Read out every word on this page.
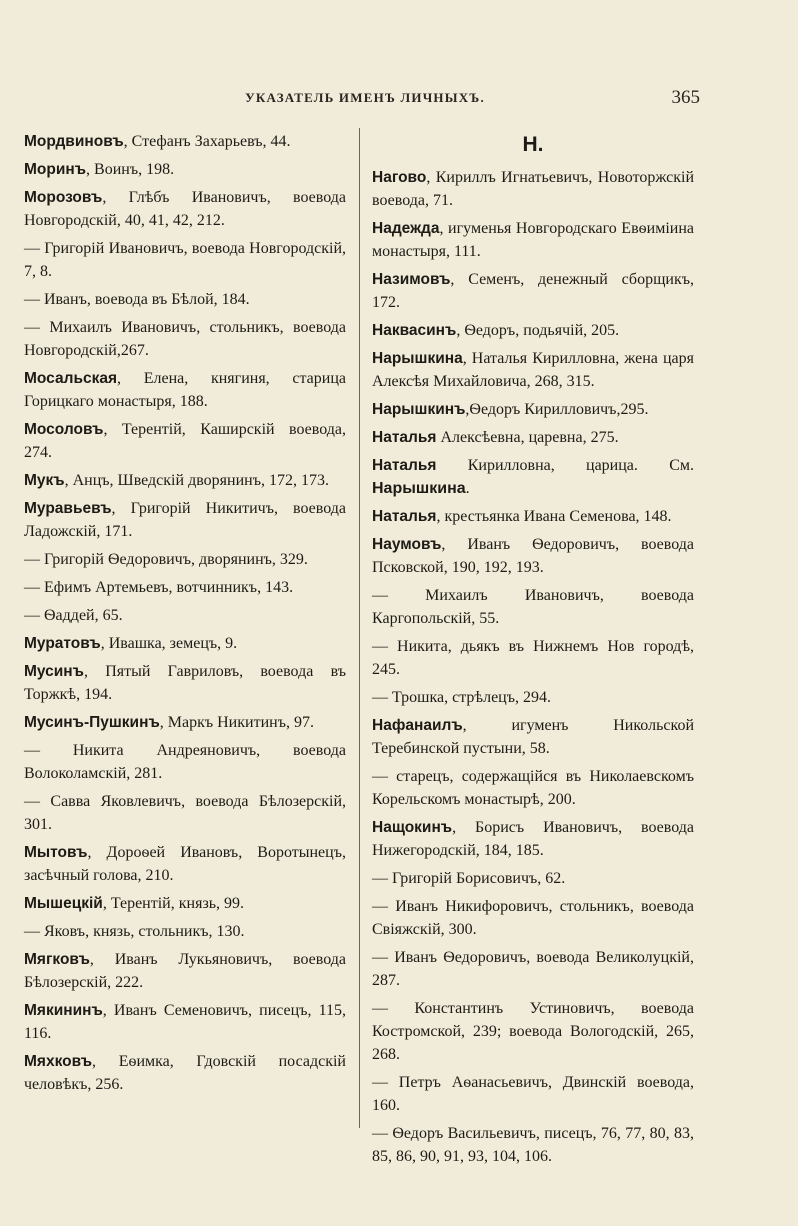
УКАЗАТЕЛЬ ИМЕНЪ ЛИЧНЫХЪ.	365
Мордвиновъ, Стефанъ Захарьевъ, 44.
Моринъ, Воинъ, 198.
Морозовъ, Глѣбъ Ивановичъ, воевода Новгородскій, 40, 41, 42, 212.
— Григорій Ивановичъ, воевода Новгородскій, 7, 8.
— Иванъ, воевода въ Бѣлой, 184.
— Михаилъ Ивановичъ, стольникъ, воевода Новгородскій,267.
Мосальская, Елена, княгиня, старица Горицкаго монастыря, 188.
Мосоловъ, Терентій, Каширскій воевода, 274.
Мукъ, Анцъ, Шведскій дворянинъ, 172, 173.
Муравьевъ, Григорій Никитичъ, воевода Ладожскій, 171.
— Григорій Ѳедоровичъ, дворянинъ, 329.
— Ефимъ Артемьевъ, вотчинникъ, 143.
— Ѳаддей, 65.
Муратовъ, Ивашка, земецъ, 9.
Мусинъ, Пятый Гавриловъ, воевода въ Торжкѣ, 194.
Мусинъ-Пушкинъ, Маркъ Никитинъ, 97.
— Никита Андреяновичъ, воевода Волоколамскій, 281.
— Савва Яковлевичъ, воевода Бѣлозерскій, 301.
Мытовъ, Дороѳей Ивановъ, Воротынецъ, засѣчный голова, 210.
Мышецкій, Терентій, князь, 99.
— Яковъ, князь, стольникъ, 130.
Мягковъ, Иванъ Лукьяновичъ, воевода Бѣлозерскій, 222.
Мякининъ, Иванъ Семеновичъ, писецъ, 115, 116.
Мяхковъ, Еѳимка, Гдовскій посадскій человѣкъ, 256.
Н.
Нагово, Кириллъ Игнатьевичъ, Новоторжскій воевода, 71.
Надежда, игуменья Новгородскаго Евѳиміина монастыря, 111.
Назимовъ, Семенъ, денежный сборщикъ, 172.
Наквасинъ, Ѳедоръ, подьячій, 205.
Нарышкина, Наталья Кирилловна, жена царя Алексѣя Михайловича, 268, 315.
Нарышкинъ,Ѳедоръ Кирилловичъ,295.
Наталья Алексѣевна, царевна, 275.
Наталья Кирилловна, царица. См. Нарышкина.
Наталья, крестьянка Ивана Семенова, 148.
Наумовъ, Иванъ Ѳедоровичъ, воевода Псковской, 190, 192, 193.
— Михаилъ Ивановичъ, воевода Каргопольскій, 55.
— Никита, дьякъ въ Нижнемъ Нов городѣ, 245.
— Трошка, стрѣлецъ, 294.
Нафанаилъ, игуменъ Никольской Теребинской пустыни, 58.
— старецъ, содержащійся въ Николаевскомъ Корельскомъ монастырѣ, 200.
Нащокинъ, Борисъ Ивановичъ, воевода Нижегородскій, 184, 185.
— Григорій Борисовичъ, 62.
— Иванъ Никифоровичъ, стольникъ, воевода Свіяжскій, 300.
— Иванъ Ѳедоровичъ, воевода Великолуцкій, 287.
— Константинъ Устиновичъ, воевода Костромской, 239; воевода Вологодскій, 265, 268.
— Петръ Аѳанасьевичъ, Двинскій воевода, 160.
— Ѳедоръ Васильевичъ, писецъ, 76, 77, 80, 83, 85, 86, 90, 91, 93, 104, 106.
